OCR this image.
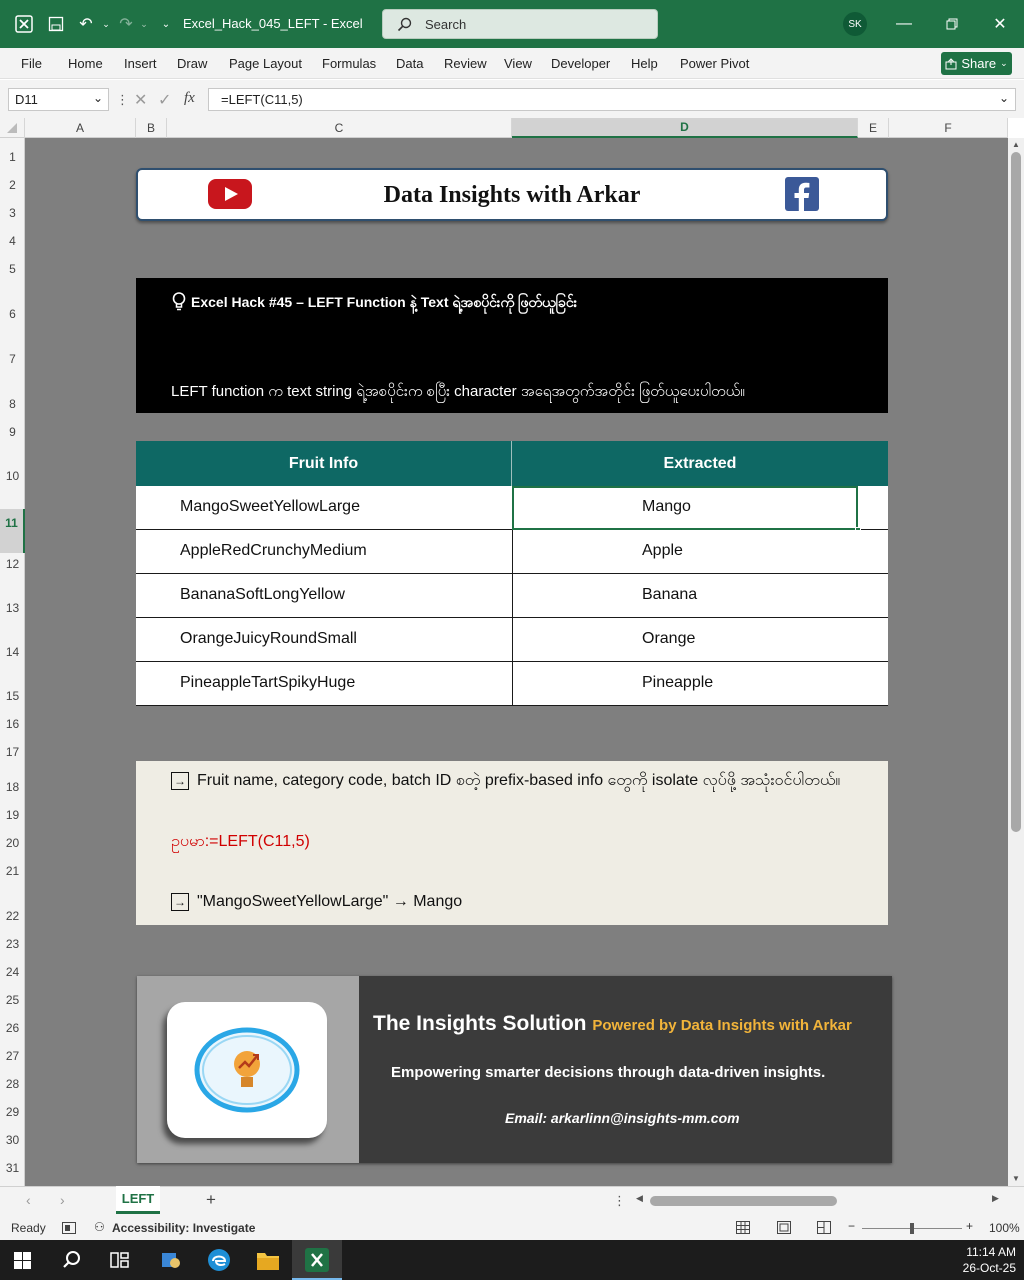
↶	⌄ ↷ ⌄	⌄ Excel_Hack_045_LEFT - Excel	Search	SK	—	✕
File Home Insert Draw Page Layout Formulas Data Review View Developer Help Power Pivot	Share ⌄
D11	⌄ ⋮ ✕ ✓ fx	=LEFT(C11,5)	⌄
A	B	C	D	E	F
1
2
3
4
5
6
7
8
9
10
11
12
13
14
15
16
17
18
19
20
21
22
23
24
25
26
27
28
29
30
31
▲
▼
Data Insights with Arkar
Excel Hack #45 – LEFT Function နဲ့ Text ရဲ့အစပိုင်းကို ဖြတ်ယူခြင်း
LEFT function က text string ရဲ့အစပိုင်းက စပြီး character အရေအတွက်အတိုင်း ဖြတ်ယူပေးပါတယ်။
Fruit Info	Extracted
MangoSweetYellowLarge	Mango
AppleRedCrunchyMedium	Apple
BananaSoftLongYellow	Banana
OrangeJuicyRoundSmall	Orange
PineappleTartSpikyHuge	Pineapple
→ Fruit name, category code, batch ID စတဲ့ prefix-based info တွေကို isolate လုပ်ဖို့ အသုံးဝင်ပါတယ်။
ဥပမာ:=LEFT(C11,5)
→ "MangoSweetYellowLarge" → Mango
The Insights Solution Powered by Data Insights with Arkar
Empowering smarter decisions through data-driven insights.
Email: arkarlinn@insights-mm.com
‹ ›	+	⋮ ◀	▶
LEFT
Ready	⚇ Accessibility: Investigate	−	+ 100%
11:14 AM
26-Oct-25
